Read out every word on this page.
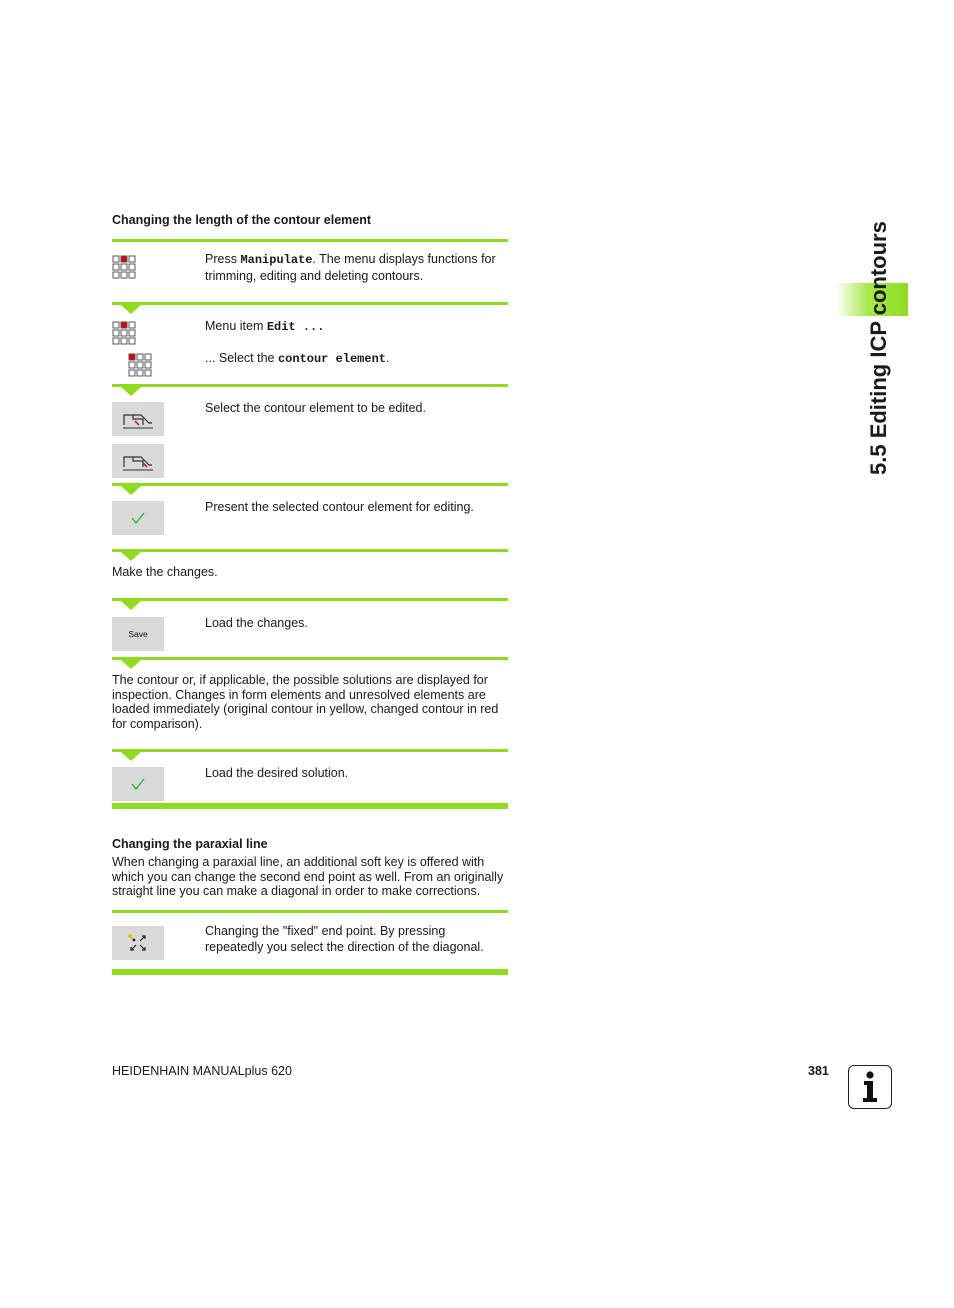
5.5 Editing ICP contours
Changing the length of the contour element
Press Manipulate. The menu displays functions for trimming, editing and deleting contours.
Menu item Edit ...
... Select the contour element.
Select the contour element to be edited.
Present the selected contour element for editing.
Make the changes.
Save
Load the changes.
The contour or, if applicable, the possible solutions are displayed for inspection. Changes in form elements and unresolved elements are loaded immediately (original contour in yellow, changed contour in red for comparison).
Load the desired solution.
Changing the paraxial line
When changing a paraxial line, an additional soft key is offered with which you can change the second end point as well. From an originally straight line you can make a diagonal in order to make corrections.
Changing the "fixed" end point. By pressing repeatedly you select the direction of the diagonal.
HEIDENHAIN MANUALplus 620	381
